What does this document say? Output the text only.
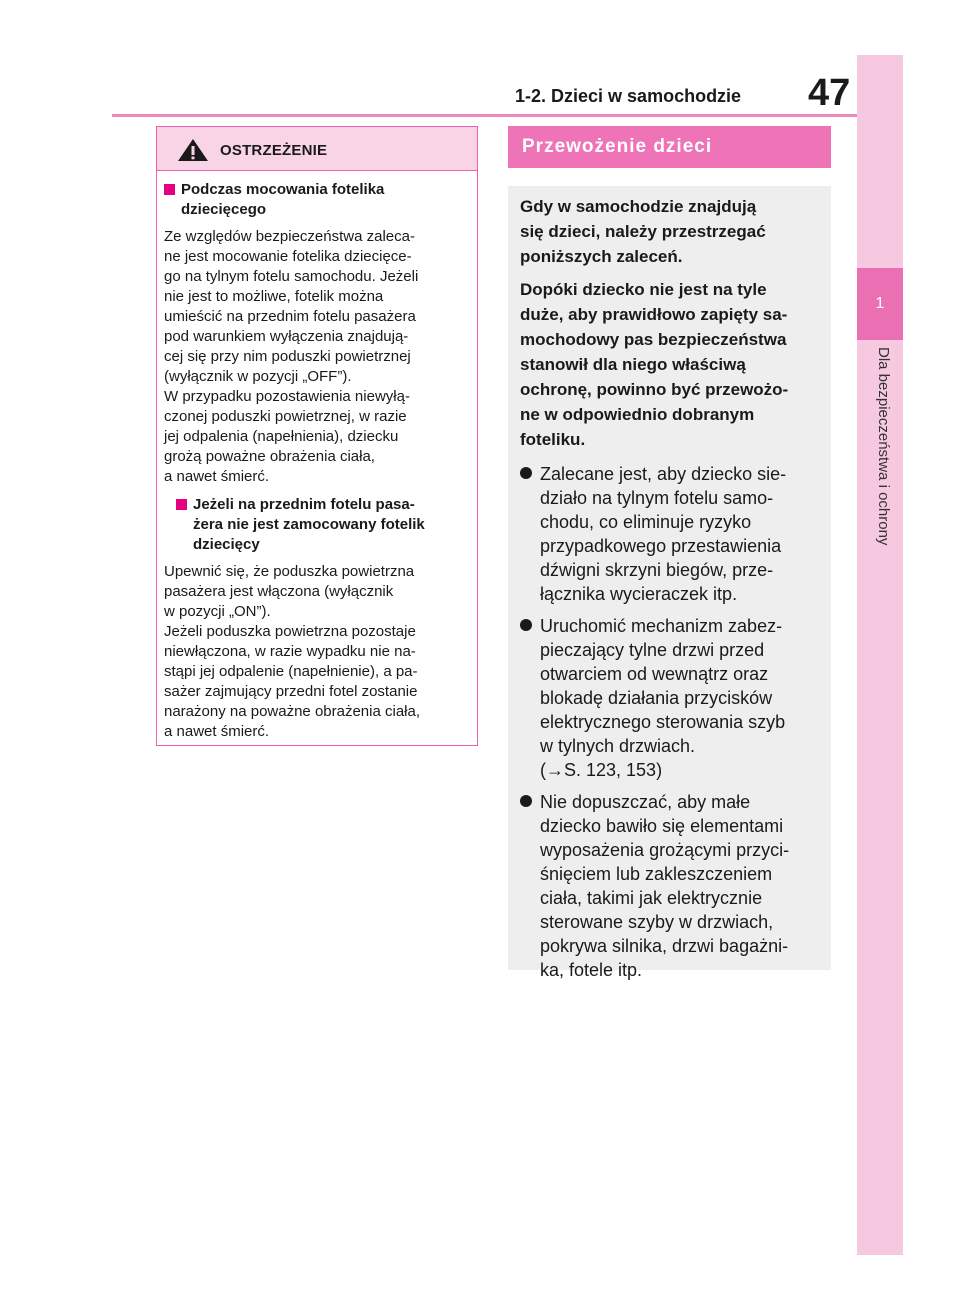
1-2. Dzieci w samochodzie 47
1
Dla bezpieczeństwa i ochrony
OSTRZEŻENIE
Podczas mocowania fotelika
dziecięcego
Ze względów bezpieczeństwa zaleca-
ne jest mocowanie fotelika dziecięce-
go na tylnym fotelu samochodu. Jeżeli
nie jest to możliwe, fotelik można
umieścić na przednim fotelu pasażera
pod warunkiem wyłączenia znajdują-
cej się przy nim poduszki powietrznej
(wyłącznik w pozycji „OFF”).
W przypadku pozostawienia niewyłą-
czonej poduszki powietrznej, w razie
jej odpalenia (napełnienia), dziecku
grożą poważne obrażenia ciała,
a nawet śmierć.
Jeżeli na przednim fotelu pasa-
żera nie jest zamocowany fotelik
dziecięcy
Upewnić się, że poduszka powietrzna
pasażera jest włączona (wyłącznik
w pozycji „ON”).
Jeżeli poduszka powietrzna pozostaje
niewłączona, w razie wypadku nie na-
stąpi jej odpalenie (napełnienie), a pa-
sażer zajmujący przedni fotel zostanie
narażony na poważne obrażenia ciała,
a nawet śmierć.
Przewożenie dzieci

Gdy w samochodzie znajdują
się dzieci, należy przestrzegać
poniższych zaleceń.

Dopóki dziecko nie jest na tyle
duże, aby prawidłowo zapięty sa-
mochodowy pas bezpieczeństwa
stanowił dla niego właściwą
ochronę, powinno być przewożo-
ne w odpowiednio dobranym
foteliku.

Zalecane jest, aby dziecko sie-
działo na tylnym fotelu samo-
chodu, co eliminuje ryzyko
przypadkowego przestawienia
dźwigni skrzyni biegów, prze-
łącznika wycieraczek itp.
Uruchomić mechanizm zabez-
pieczający tylne drzwi przed
otwarciem od wewnątrz oraz
blokadę działania przycisków
elektrycznego sterowania szyb
w tylnych drzwiach.
(→S. 123, 153)
Nie dopuszczać, aby małe
dziecko bawiło się elementami
wyposażenia grożącymi przyci-
śnięciem lub zakleszczeniem
ciała, takimi jak elektrycznie
sterowane szyby w drzwiach,
pokrywa silnika, drzwi bagażni-
ka, fotele itp.
